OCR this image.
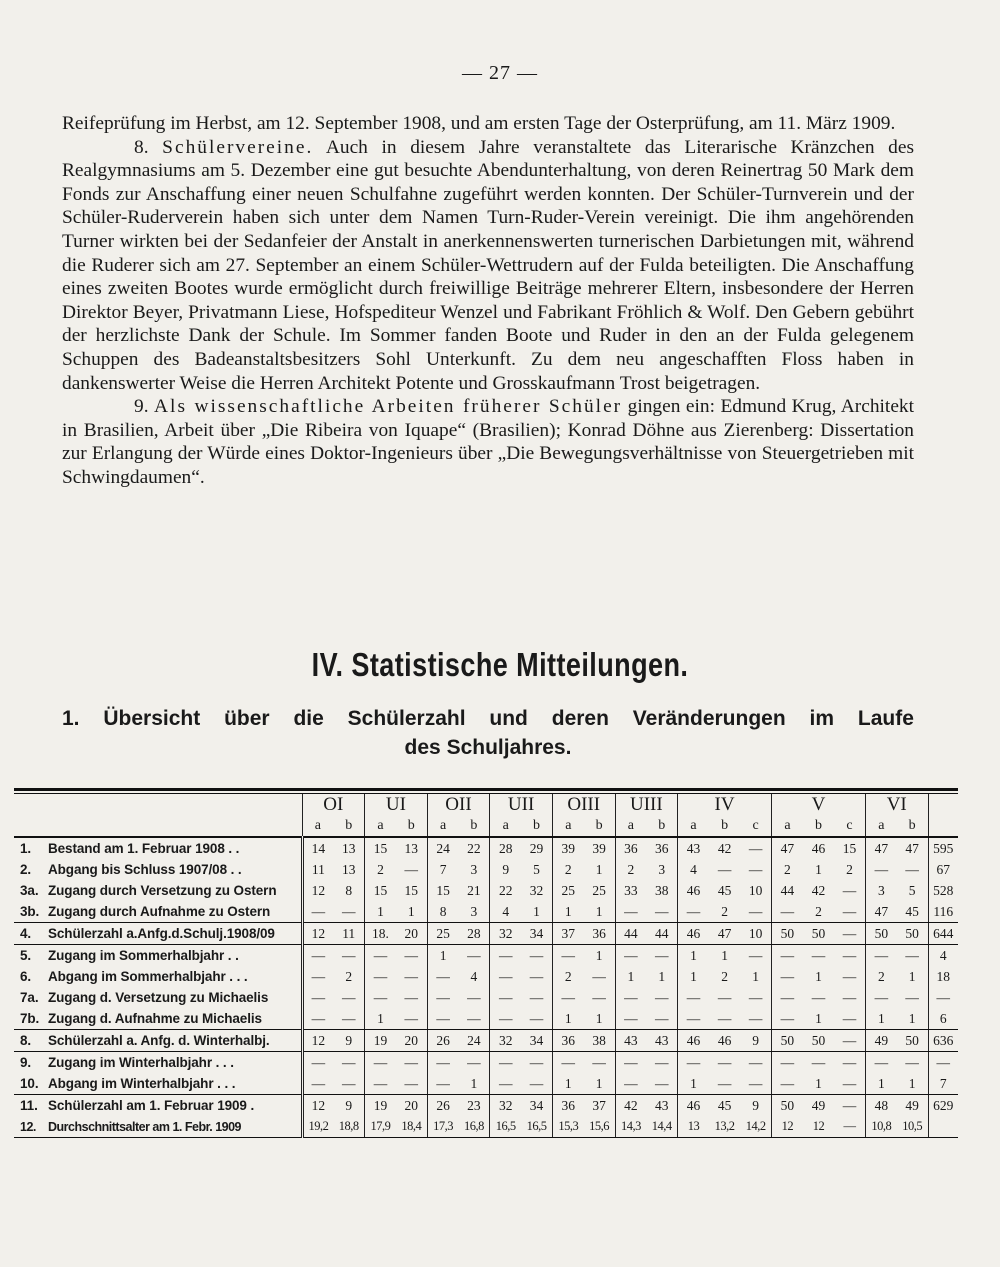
— 27 —

Reifeprüfung im Herbst, am 12. September 1908, und am ersten Tage der Osterprüfung, am 11. März 1909.

8. Schülervereine. Auch in diesem Jahre veranstaltete das Literarische Kränzchen des Realgymnasiums am 5. Dezember eine gut besuchte Abendunterhaltung, von deren Reinertrag 50 Mark dem Fonds zur Anschaffung einer neuen Schulfahne zugeführt werden konnten. Der Schüler-Turnverein und der Schüler-Ruderverein haben sich unter dem Namen Turn-Ruder-Verein vereinigt. Die ihm angehörenden Turner wirkten bei der Sedanfeier der Anstalt in anerkennenswerten turnerischen Darbietungen mit, während die Ruderer sich am 27. September an einem Schüler-Wettrudern auf der Fulda beteiligten. Die Anschaffung eines zweiten Bootes wurde ermöglicht durch freiwillige Beiträge mehrerer Eltern, insbesondere der Herren Direktor Beyer, Privatmann Liese, Hofspediteur Wenzel und Fabrikant Fröhlich & Wolf. Den Gebern gebührt der herzlichste Dank der Schule. Im Sommer fanden Boote und Ruder in den an der Fulda gelegenem Schuppen des Badeanstaltsbesitzers Sohl Unterkunft. Zu dem neu angeschafften Floss haben in dankenswerter Weise die Herren Architekt Potente und Grosskaufmann Trost beigetragen.

9. Als wissenschaftliche Arbeiten früherer Schüler gingen ein: Edmund Krug, Architekt in Brasilien, Arbeit über „Die Ribeira von Iquape“ (Brasilien); Konrad Döhne aus Zierenberg: Dissertation zur Erlangung der Würde eines Doktor-Ingenieurs über „Die Bewegungsverhältnisse von Steuergetrieben mit Schwingdaumen“.

IV. Statistische Mitteilungen.
1. Übersicht über die Schülerzahl und deren Veränderungen im Laufe
des Schuljahres.
	OI		UI		OII		UII		OIII		UIII		IV			V			VI		
	a	b	a	b	a	b	a	b	a	b	a	b	a	b	c	a	b	c	a	b	
1. Bestand am 1. Februar 1908 . .	14	13	15	13	24	22	28	29	39	39	36	36	43	42	—	47	46	15	47	47	595
2. Abgang bis Schluss 1907/08 . .	11	13	2	—	7	3	9	5	2	1	2	3	4	—	—	2	1	2	—	—	67
3a. Zugang durch Versetzung zu Ostern	12	8	15	15	15	21	22	32	25	25	33	38	46	45	10	44	42	—	3	5	528
3b. Zugang durch Aufnahme zu Ostern	—	—	1	1	8	3	4	1	1	1	—	—	—	2	—	—	2	—	47	45	116
4. Schülerzahl a.Anfg.d.Schulj.1908/09	12	11	18.	20	25	28	32	34	37	36	44	44	46	47	10	50	50	—	50	50	644
5. Zugang im Sommerhalbjahr . .	—	—	—	—	1	—	—	—	—	1	—	—	1	1	—	—	—	—	—	—	4
6. Abgang im Sommerhalbjahr . . .	—	2	—	—	—	4	—	—	2	—	1	1	1	2	1	—	1	—	2	1	18
7a. Zugang d. Versetzung zu Michaelis	—	—	—	—	—	—	—	—	—	—	—	—	—	—	—	—	—	—	—	—	—
7b. Zugang d. Aufnahme zu Michaelis	—	—	1	—	—	—	—	—	1	1	—	—	—	—	—	—	1	—	1	1	6
8. Schülerzahl a. Anfg. d. Winterhalbj.	12	9	19	20	26	24	32	34	36	38	43	43	46	46	9	50	50	—	49	50	636
9. Zugang im Winterhalbjahr . . .	—	—	—	—	—	—	—	—	—	—	—	—	—	—	—	—	—	—	—	—	—
10. Abgang im Winterhalbjahr . . .	—	—	—	—	—	1	—	—	1	1	—	—	1	—	—	—	1	—	1	1	7
11. Schülerzahl am 1. Februar 1909 .	12	9	19	20	26	23	32	34	36	37	42	43	46	45	9	50	49	—	48	49	629
12. Durchschnittsalter am 1. Febr. 1909	19,2	18,8	17,9	18,4	17,3	16,8	16,5	16,5	15,3	15,6	14,3	14,4	13	13,2	14,2	12	12	—	10,8	10,5	
